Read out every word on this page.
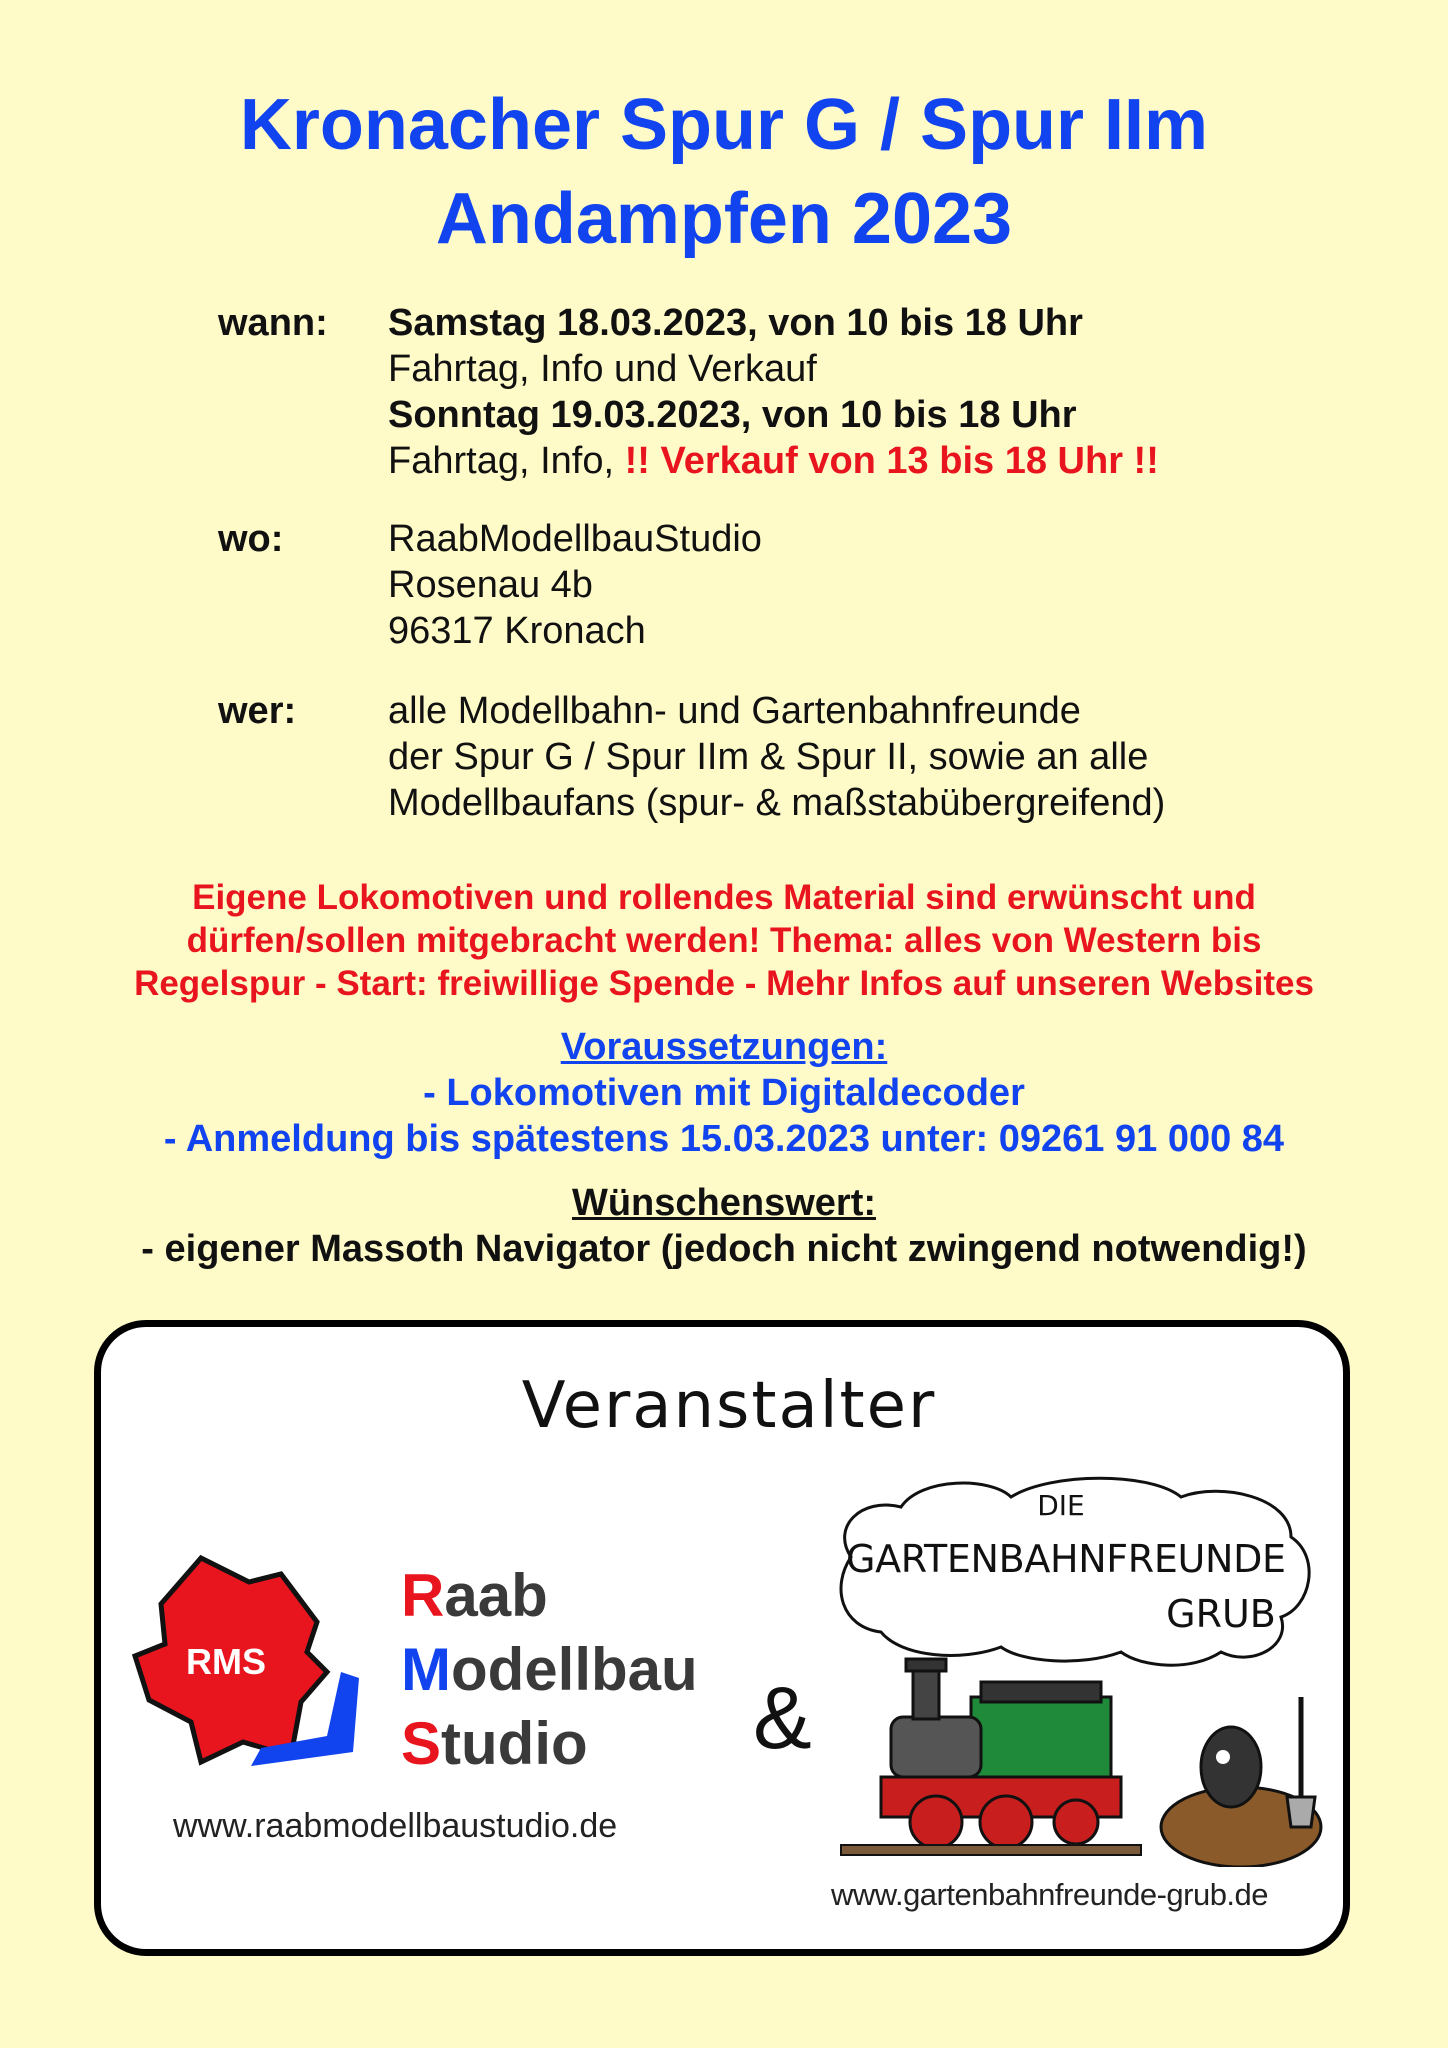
Kronacher Spur G / Spur IIm
Andampfen 2023
wann:	Samstag 18.03.2023, von 10 bis 18 Uhr
Fahrtag, Info und Verkauf
Sonntag 19.03.2023, von 10 bis 18 Uhr
Fahrtag, Info, !! Verkauf von 13 bis 18 Uhr !!
wo:	RaabModellbauStudio
Rosenau 4b
96317 Kronach
wer:	alle Modellbahn- und Gartenbahnfreunde
der Spur G / Spur IIm & Spur II, sowie an alle
Modellbaufans (spur- & maßstabübergreifend)
Eigene Lokomotiven und rollendes Material sind erwünscht und
dürfen/sollen mitgebracht werden! Thema: alles von Western bis
Regelspur - Start: freiwillige Spende - Mehr Infos auf unseren Websites
Voraussetzungen:
- Lokomotiven mit Digitaldecoder
- Anmeldung bis spätestens 15.03.2023 unter: 09261 91 000 84
Wünschenswert:
- eigener Massoth Navigator (jedoch nicht zwingend notwendig!)
Veranstalter
RMS
Raab
Modellbau
Studio
www.raabmodellbaustudio.de
&
DIE
GARTENBAHNFREUNDE
GRUB
www.gartenbahnfreunde-grub.de
